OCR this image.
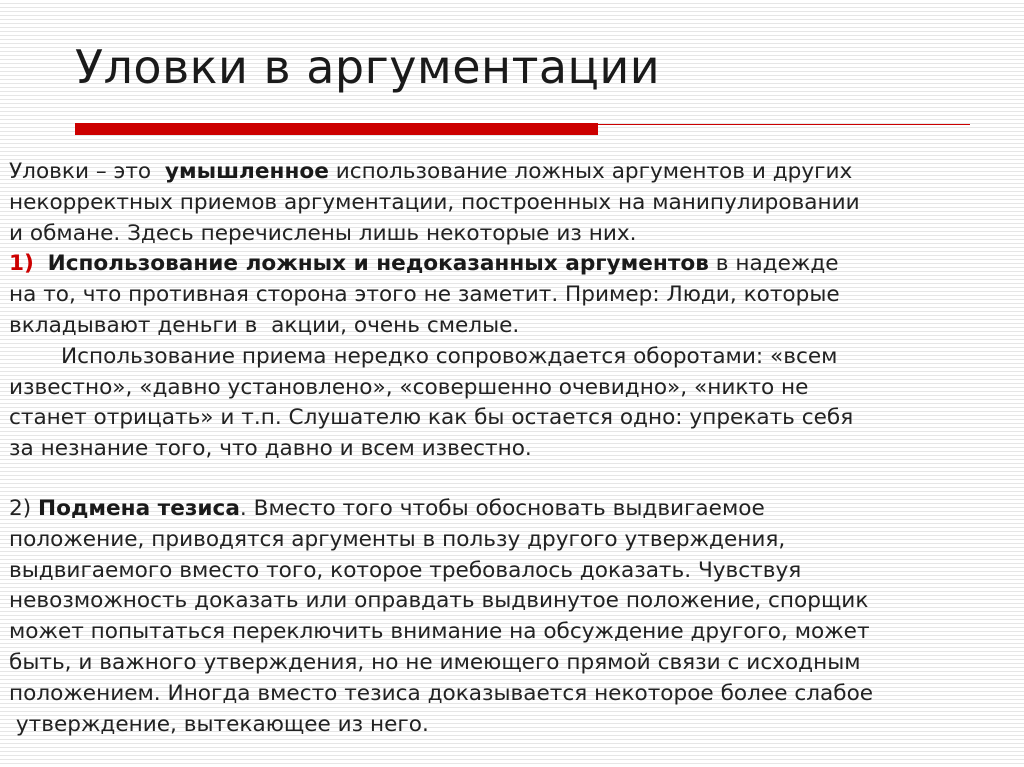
Уловки в аргументации

Уловки – это  умышленное использование ложных аргументов и других

некорректных приемов аргументации, построенных на манипулировании

и обмане. Здесь перечислены лишь некоторые из них.

1) Использование ложных и недоказанных аргументов в надежде

на то, что противная сторона этого не заметит. Пример: Люди, которые

вкладывают деньги в  акции, очень смелые.

Использование приема нередко сопровождается оборотами: «всем

известно», «давно установлено», «совершенно очевидно», «никто не

станет отрицать» и т.п. Слушателю как бы остается одно: упрекать себя

за незнание того, что давно и всем известно.

2) Подмена тезиса. Вместо того чтобы обосновать выдвигаемое

положение, приводятся аргументы в пользу другого утверждения,

выдвигаемого вместо того, которое требовалось доказать. Чувствуя

невозможность доказать или оправдать выдвинутое положение, спорщик

может попытаться переключить внимание на обсуждение другого, может

быть, и важного утверждения, но не имеющего прямой связи с исходным

положением. Иногда вместо тезиса доказывается некоторое более слабое

утверждение, вытекающее из него.
